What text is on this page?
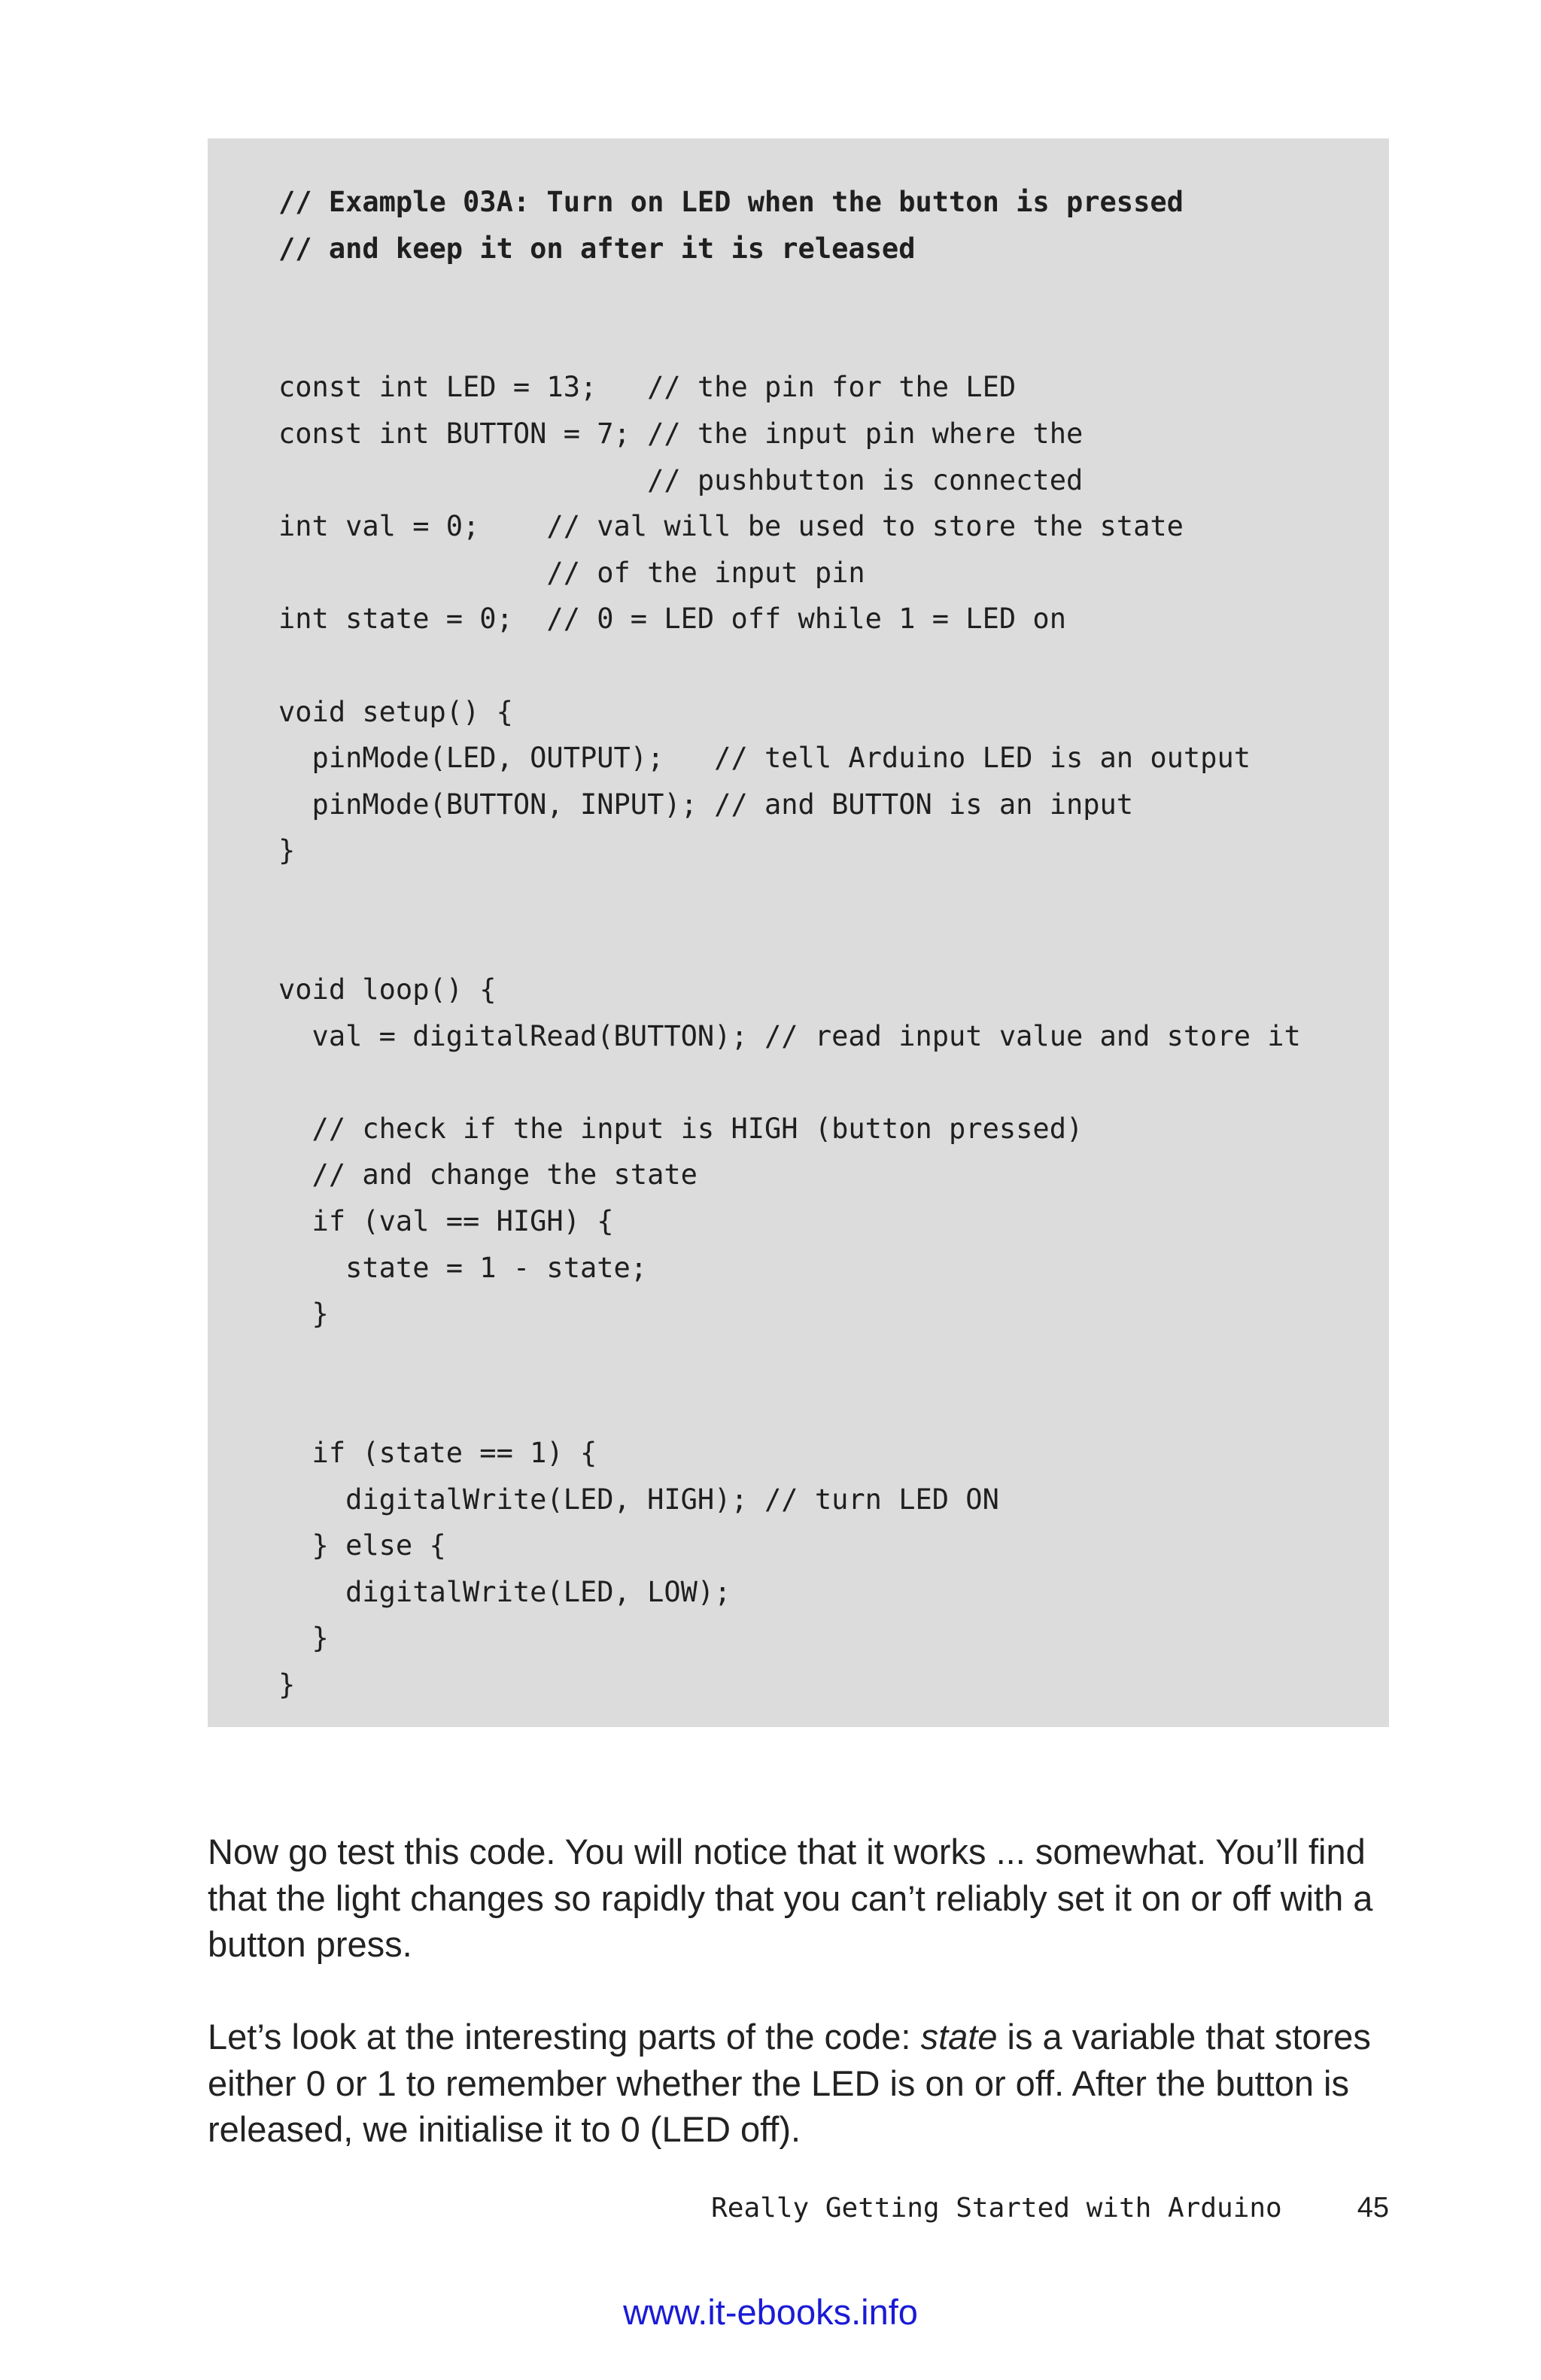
// Example 03A: Turn on LED when the button is pressed
// and keep it on after it is released
const int LED = 13;   // the pin for the LED
const int BUTTON = 7; // the input pin where the
// pushbutton is connected
int val = 0;    // val will be used to store the state
// of the input pin
int state = 0;  // 0 = LED off while 1 = LED on
void setup() {
pinMode(LED, OUTPUT);   // tell Arduino LED is an output
pinMode(BUTTON, INPUT); // and BUTTON is an input
}
void loop() {
val = digitalRead(BUTTON); // read input value and store it
// check if the input is HIGH (button pressed)
// and change the state
if (val == HIGH) {
state = 1 - state;
}
if (state == 1) {
digitalWrite(LED, HIGH); // turn LED ON
} else {
digitalWrite(LED, LOW);
}
}

Now go test this code. You will notice that it works ... somewhat. You’ll find that the light changes so rapidly that you can’t reliably set it on or off with a button press.

Let’s look at the interesting parts of the code: state is a variable that stores either 0 or 1 to remember whether the LED is on or off. After the button is released, we initialise it to 0 (LED off).

Really Getting Started with Arduino	45
www.it-ebooks.info
